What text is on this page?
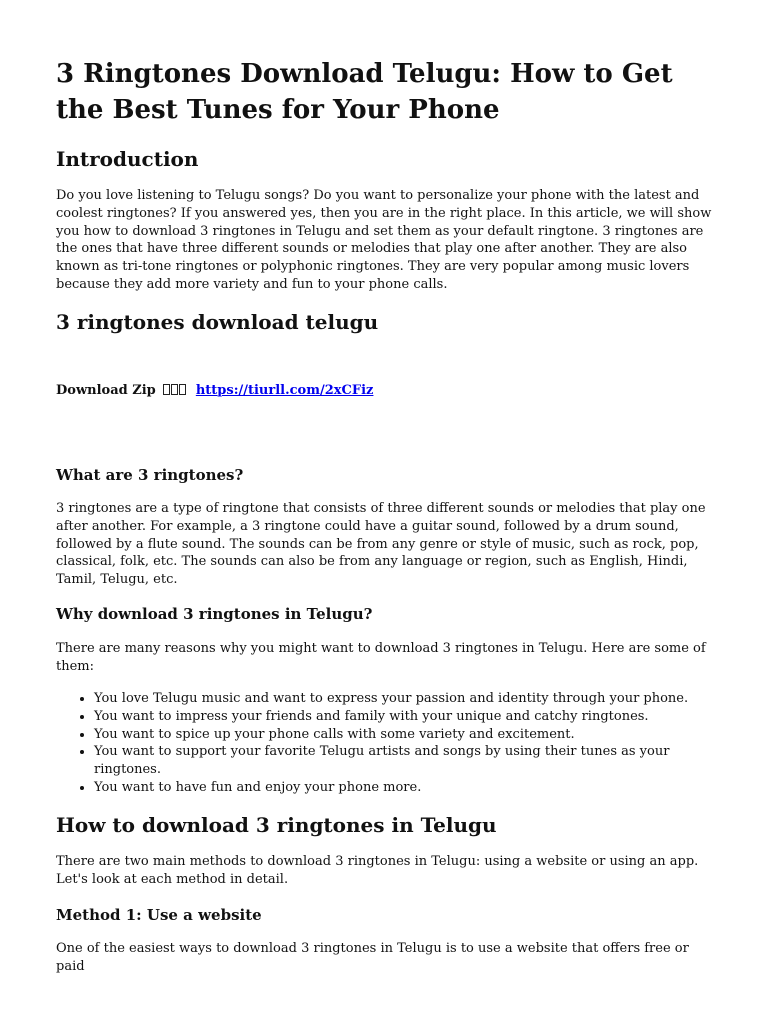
3 Ringtones Download Telugu: How to Get the Best Tunes for Your Phone
Introduction

Do you love listening to Telugu songs? Do you want to personalize your phone with the latest and coolest ringtones? If you answered yes, then you are in the right place. In this article, we will show you how to download 3 ringtones in Telugu and set them as your default ringtone. 3 ringtones are the ones that have three different sounds or melodies that play one after another. They are also known as tri-tone ringtones or polyphonic ringtones. They are very popular among music lovers because they add more variety and fun to your phone calls.

3 ringtones download telugu
Download Zip	https://tiurll.com/2xCFiz
What are 3 ringtones?

3 ringtones are a type of ringtone that consists of three different sounds or melodies that play one after another. For example, a 3 ringtone could have a guitar sound, followed by a drum sound, followed by a flute sound. The sounds can be from any genre or style of music, such as rock, pop, classical, folk, etc. The sounds can also be from any language or region, such as English, Hindi, Tamil, Telugu, etc.

Why download 3 ringtones in Telugu?

There are many reasons why you might want to download 3 ringtones in Telugu. Here are some of them:

• You love Telugu music and want to express your passion and identity through your phone.
• You want to impress your friends and family with your unique and catchy ringtones.
• You want to spice up your phone calls with some variety and excitement.
• You want to support your favorite Telugu artists and songs by using their tunes as your ringtones.
• You want to have fun and enjoy your phone more.
How to download 3 ringtones in Telugu

There are two main methods to download 3 ringtones in Telugu: using a website or using an app. Let's look at each method in detail.

Method 1: Use a website

One of the easiest ways to download 3 ringtones in Telugu is to use a website that offers free or paid
